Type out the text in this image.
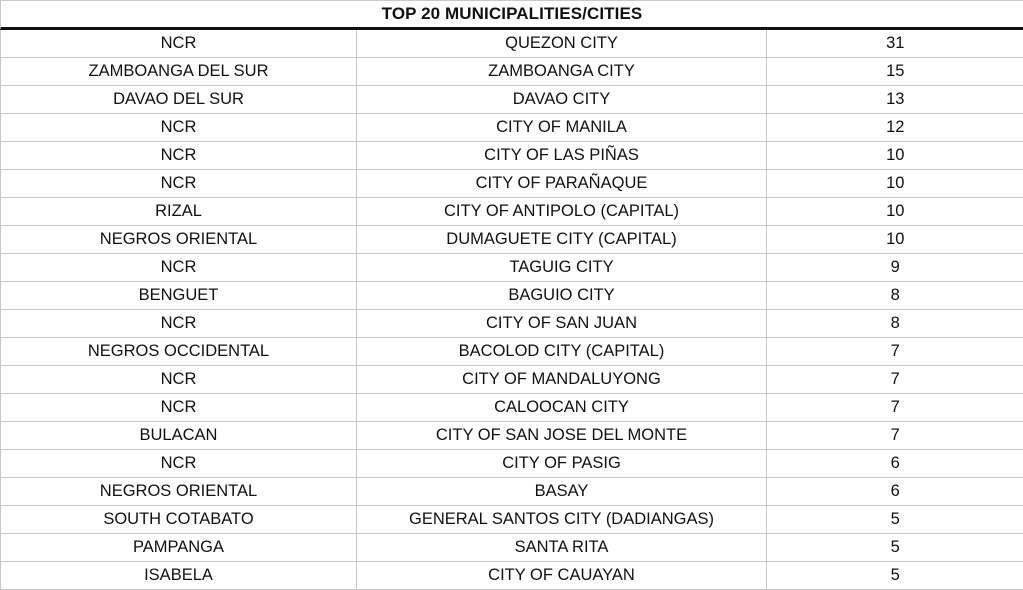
TOP 20 MUNICIPALITIES/CITIES
NCR	QUEZON CITY	31
ZAMBOANGA DEL SUR	ZAMBOANGA CITY	15
DAVAO DEL SUR	DAVAO CITY	13
NCR	CITY OF MANILA	12
NCR	CITY OF LAS PIÑAS	10
NCR	CITY OF PARAÑAQUE	10
RIZAL	CITY OF ANTIPOLO (CAPITAL)	10
NEGROS ORIENTAL	DUMAGUETE CITY (CAPITAL)	10
NCR	TAGUIG CITY	9
BENGUET	BAGUIO CITY	8
NCR	CITY OF SAN JUAN	8
NEGROS OCCIDENTAL	BACOLOD CITY (CAPITAL)	7
NCR	CITY OF MANDALUYONG	7
NCR	CALOOCAN CITY	7
BULACAN	CITY OF SAN JOSE DEL MONTE	7
NCR	CITY OF PASIG	6
NEGROS ORIENTAL	BASAY	6
SOUTH COTABATO	GENERAL SANTOS CITY (DADIANGAS)	5
PAMPANGA	SANTA RITA	5
ISABELA	CITY OF CAUAYAN	5
